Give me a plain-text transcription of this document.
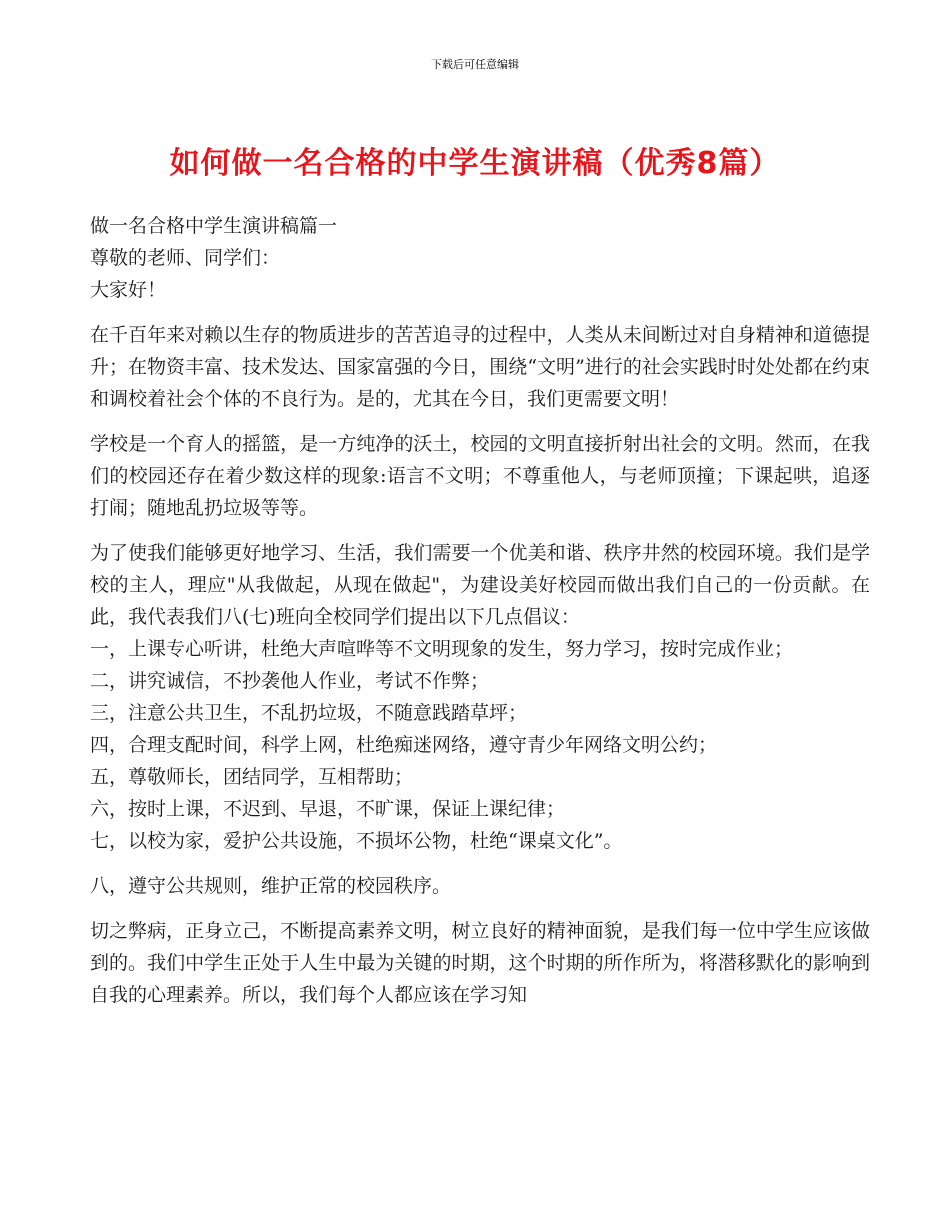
下载后可任意编辑
如何做一名合格的中学生演讲稿（优秀8篇）
做一名合格中学生演讲稿篇一
尊敬的老师、同学们：
大家好！

在千百年来对赖以生存的物质进步的苦苦追寻的过程中，人类从未间断过对自身精神和道德提升；在物资丰富、技术发达、国家富强的今日，围绕“文明”进行的社会实践时时处处都在约束和调校着社会个体的不良行为。是的，尤其在今日，我们更需要文明！

学校是一个育人的摇篮，是一方纯净的沃土，校园的文明直接折射出社会的文明。然而，在我们的校园还存在着少数这样的现象:语言不文明；不尊重他人，与老师顶撞；下课起哄，追逐打闹；随地乱扔垃圾等等。

为了使我们能够更好地学习、生活，我们需要一个优美和谐、秩序井然的校园环境。我们是学校的主人，理应"从我做起，从现在做起"，为建设美好校园而做出我们自己的一份贡献。在此，我代表我们八(七)班向全校同学们提出以下几点倡议：

一，上课专心听讲，杜绝大声喧哗等不文明现象的发生，努力学习，按时完成作业；

二，讲究诚信，不抄袭他人作业，考试不作弊；
三，注意公共卫生，不乱扔垃圾，不随意践踏草坪；
四，合理支配时间，科学上网，杜绝痴迷网络，遵守青少年网络文明公约；
五，尊敬师长，团结同学，互相帮助；
六，按时上课，不迟到、早退，不旷课，保证上课纪律；
七，以校为家，爱护公共设施，不损坏公物，杜绝“课桌文化”。
八，遵守公共规则，维护正常的校园秩序。

切之弊病，正身立己，不断提高素养文明，树立良好的精神面貌，是我们每一位中学生应该做到的。我们中学生正处于人生中最为关键的时期，这个时期的所作所为，将潜移默化的影响到自我的心理素养。所以，我们每个人都应该在学习知
